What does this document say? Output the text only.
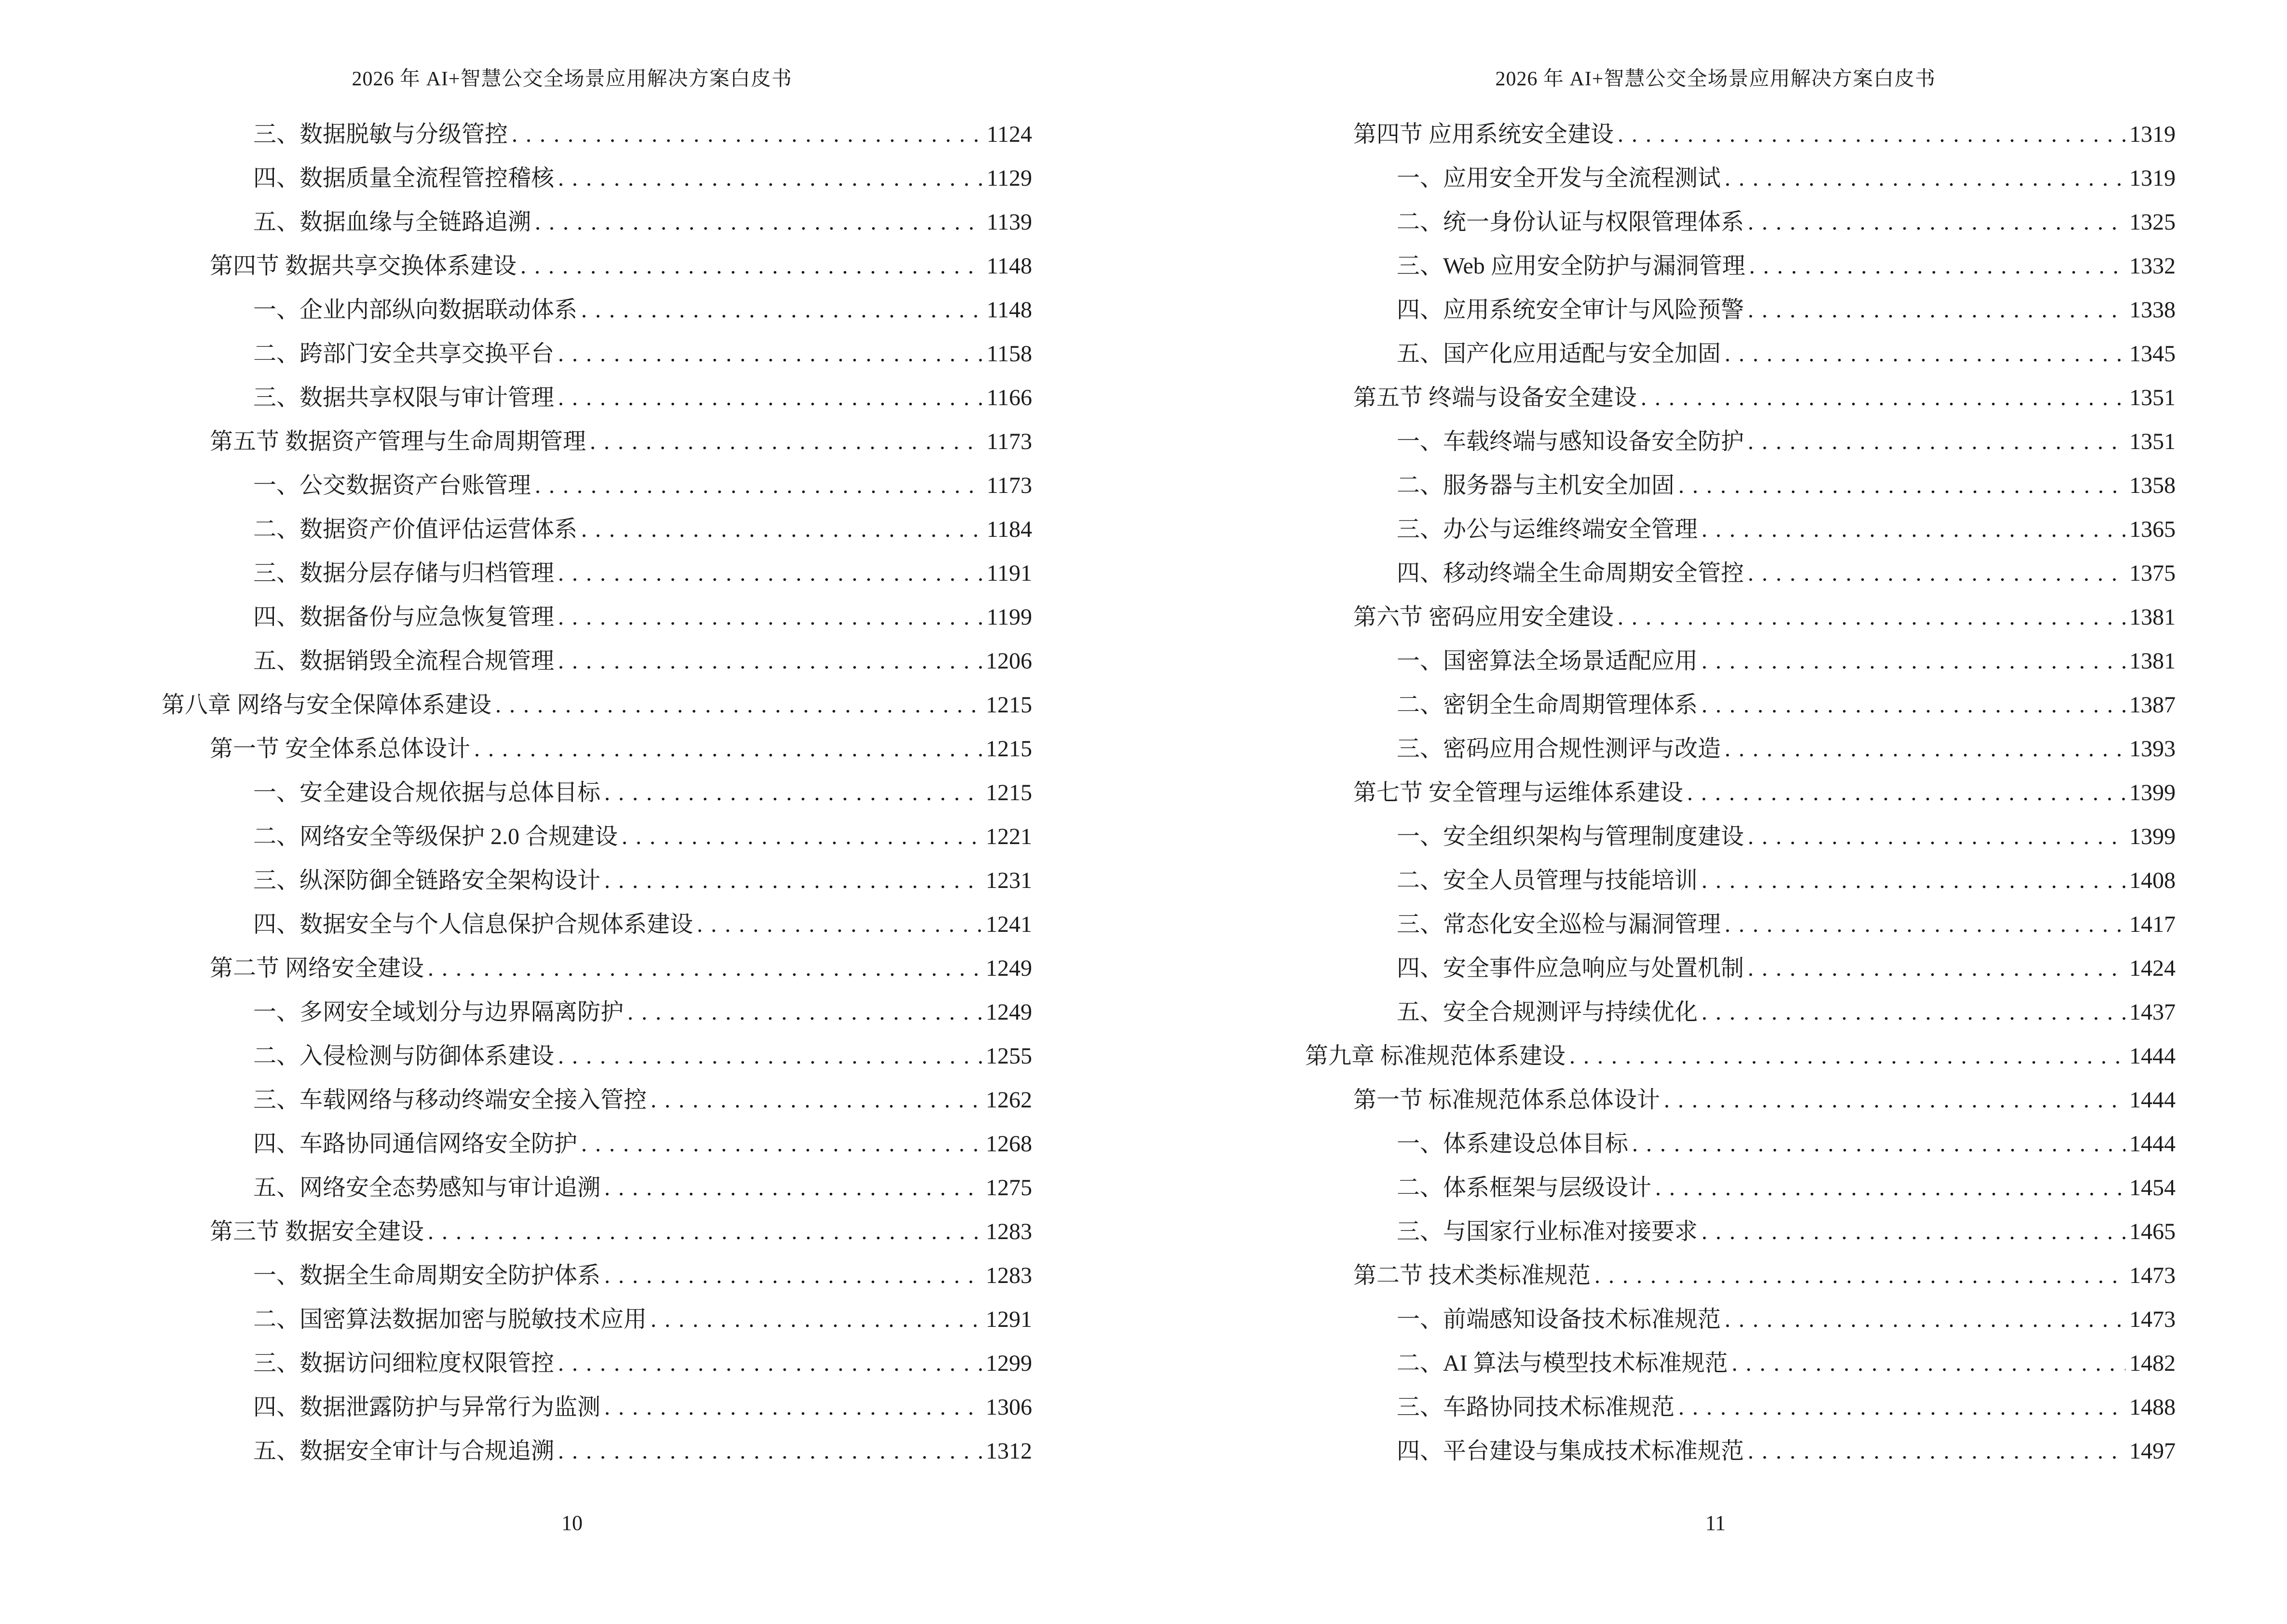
2026 年 AI+智慧公交全场景应用解决方案白皮书
三、数据脱敏与分级管控 .....	1124
四、数据质量全流程管控稽核 .....	1129
五、数据血缘与全链路追溯 .....	1139
第四节 数据共享交换体系建设 .....	1148
一、企业内部纵向数据联动体系 .....	1148
二、跨部门安全共享交换平台 .....	1158
三、数据共享权限与审计管理 .....	1166
第五节 数据资产管理与生命周期管理 .....	1173
一、公交数据资产台账管理 .....	1173
二、数据资产价值评估运营体系 .....	1184
三、数据分层存储与归档管理 .....	1191
四、数据备份与应急恢复管理 .....	1199
五、数据销毁全流程合规管理 .....	1206
第八章 网络与安全保障体系建设 .....	1215
第一节 安全体系总体设计 .....	1215
一、安全建设合规依据与总体目标 .....	1215
二、网络安全等级保护 2.0 合规建设 .....	1221
三、纵深防御全链路安全架构设计 .....	1231
四、数据安全与个人信息保护合规体系建设 .....	1241
第二节 网络安全建设 .....	1249
一、多网安全域划分与边界隔离防护 .....	1249
二、入侵检测与防御体系建设 .....	1255
三、车载网络与移动终端安全接入管控 .....	1262
四、车路协同通信网络安全防护 .....	1268
五、网络安全态势感知与审计追溯 .....	1275
第三节 数据安全建设 .....	1283
一、数据全生命周期安全防护体系 .....	1283
二、国密算法数据加密与脱敏技术应用 .....	1291
三、数据访问细粒度权限管控 .....	1299
四、数据泄露防护与异常行为监测 .....	1306
五、数据安全审计与合规追溯 .....	1312
10
2026 年 AI+智慧公交全场景应用解决方案白皮书
第四节 应用系统安全建设 .....	1319
一、应用安全开发与全流程测试 .....	1319
二、统一身份认证与权限管理体系 .....	1325
三、Web 应用安全防护与漏洞管理 .....	1332
四、应用系统安全审计与风险预警 .....	1338
五、国产化应用适配与安全加固 .....	1345
第五节 终端与设备安全建设 .....	1351
一、车载终端与感知设备安全防护 .....	1351
二、服务器与主机安全加固 .....	1358
三、办公与运维终端安全管理 .....	1365
四、移动终端全生命周期安全管控 .....	1375
第六节 密码应用安全建设 .....	1381
一、国密算法全场景适配应用 .....	1381
二、密钥全生命周期管理体系 .....	1387
三、密码应用合规性测评与改造 .....	1393
第七节 安全管理与运维体系建设 .....	1399
一、安全组织架构与管理制度建设 .....	1399
二、安全人员管理与技能培训 .....	1408
三、常态化安全巡检与漏洞管理 .....	1417
四、安全事件应急响应与处置机制 .....	1424
五、安全合规测评与持续优化 .....	1437
第九章 标准规范体系建设 .....	1444
第一节 标准规范体系总体设计 .....	1444
一、体系建设总体目标 .....	1444
二、体系框架与层级设计 .....	1454
三、与国家行业标准对接要求 .....	1465
第二节 技术类标准规范 .....	1473
一、前端感知设备技术标准规范 .....	1473
二、AI 算法与模型技术标准规范 .....	1482
三、车路协同技术标准规范 .....	1488
四、平台建设与集成技术标准规范 .....	1497
11
